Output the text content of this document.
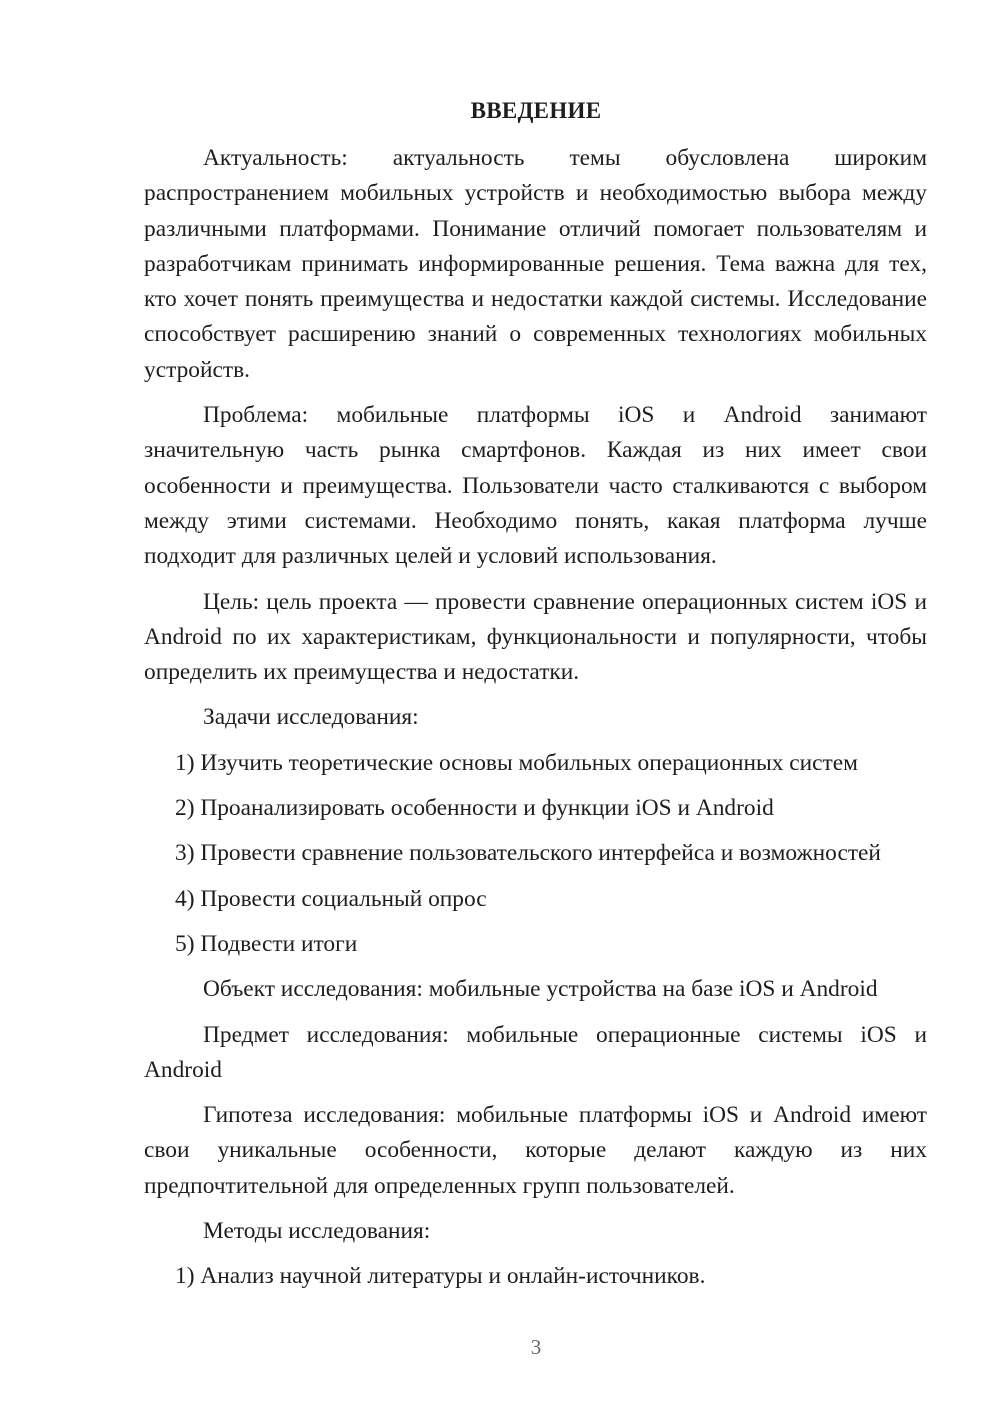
ВВЕДЕНИЕ

Актуальность: актуальность темы обусловлена широким распространением мобильных устройств и необходимостью выбора между различными платформами. Понимание отличий помогает пользователям и разработчикам принимать информированные решения. Тема важна для тех, кто хочет понять преимущества и недостатки каждой системы. Исследование способствует расширению знаний о современных технологиях мобильных устройств.

Проблема: мобильные платформы iOS и Android занимают значительную часть рынка смартфонов. Каждая из них имеет свои особенности и преимущества. Пользователи часто сталкиваются с выбором между этими системами. Необходимо понять, какая платформа лучше подходит для различных целей и условий использования.

Цель: цель проекта — провести сравнение операционных систем iOS и Android по их характеристикам, функциональности и популярности, чтобы определить их преимущества и недостатки.

Задачи исследования:

1) Изучить теоретические основы мобильных операционных систем
2) Проанализировать особенности и функции iOS и Android
3) Провести сравнение пользовательского интерфейса и возможностей
4) Провести социальный опрос
5) Подвести итоги

Объект исследования: мобильные устройства на базе iOS и Android

Предмет исследования: мобильные операционные системы iOS и Android

Гипотеза исследования: мобильные платформы iOS и Android имеют свои уникальные особенности, которые делают каждую из них предпочтительной для определенных групп пользователей.

Методы исследования:

1) Анализ научной литературы и онлайн-источников.
3
